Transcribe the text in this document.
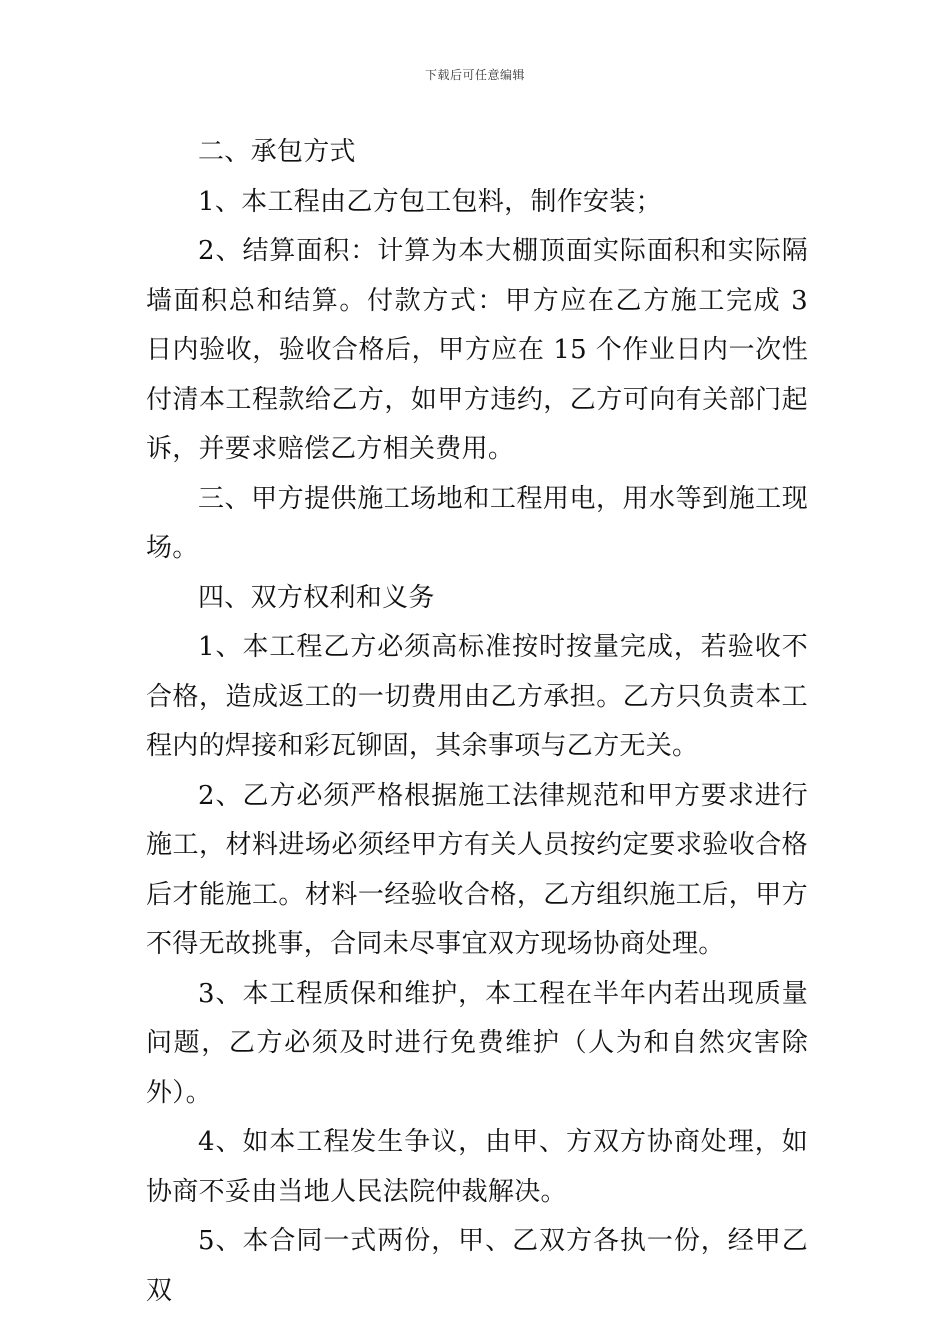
下载后可任意编辑

二、承包方式

1、本工程由乙方包工包料，制作安装；

2、结算面积：计算为本大棚顶面实际面积和实际隔墙面积总和结算。付款方式：甲方应在乙方施工完成 3 日内验收，验收合格后，甲方应在 15 个作业日内一次性付清本工程款给乙方，如甲方违约，乙方可向有关部门起诉，并要求赔偿乙方相关费用。

三、甲方提供施工场地和工程用电，用水等到施工现场。

四、双方权利和义务

1、本工程乙方必须高标准按时按量完成，若验收不合格，造成返工的一切费用由乙方承担。乙方只负责本工程内的焊接和彩瓦铆固，其余事项与乙方无关。

2、乙方必须严格根据施工法律规范和甲方要求进行施工，材料进场必须经甲方有关人员按约定要求验收合格后才能施工。材料一经验收合格，乙方组织施工后，甲方不得无故挑事，合同未尽事宜双方现场协商处理。

3、本工程质保和维护，本工程在半年内若出现质量问题，乙方必须及时进行免费维护（人为和自然灾害除外）。

4、如本工程发生争议，由甲、方双方协商处理，如协商不妥由当地人民法院仲裁解决。

5、本合同一式两份，甲、乙双方各执一份，经甲乙双
